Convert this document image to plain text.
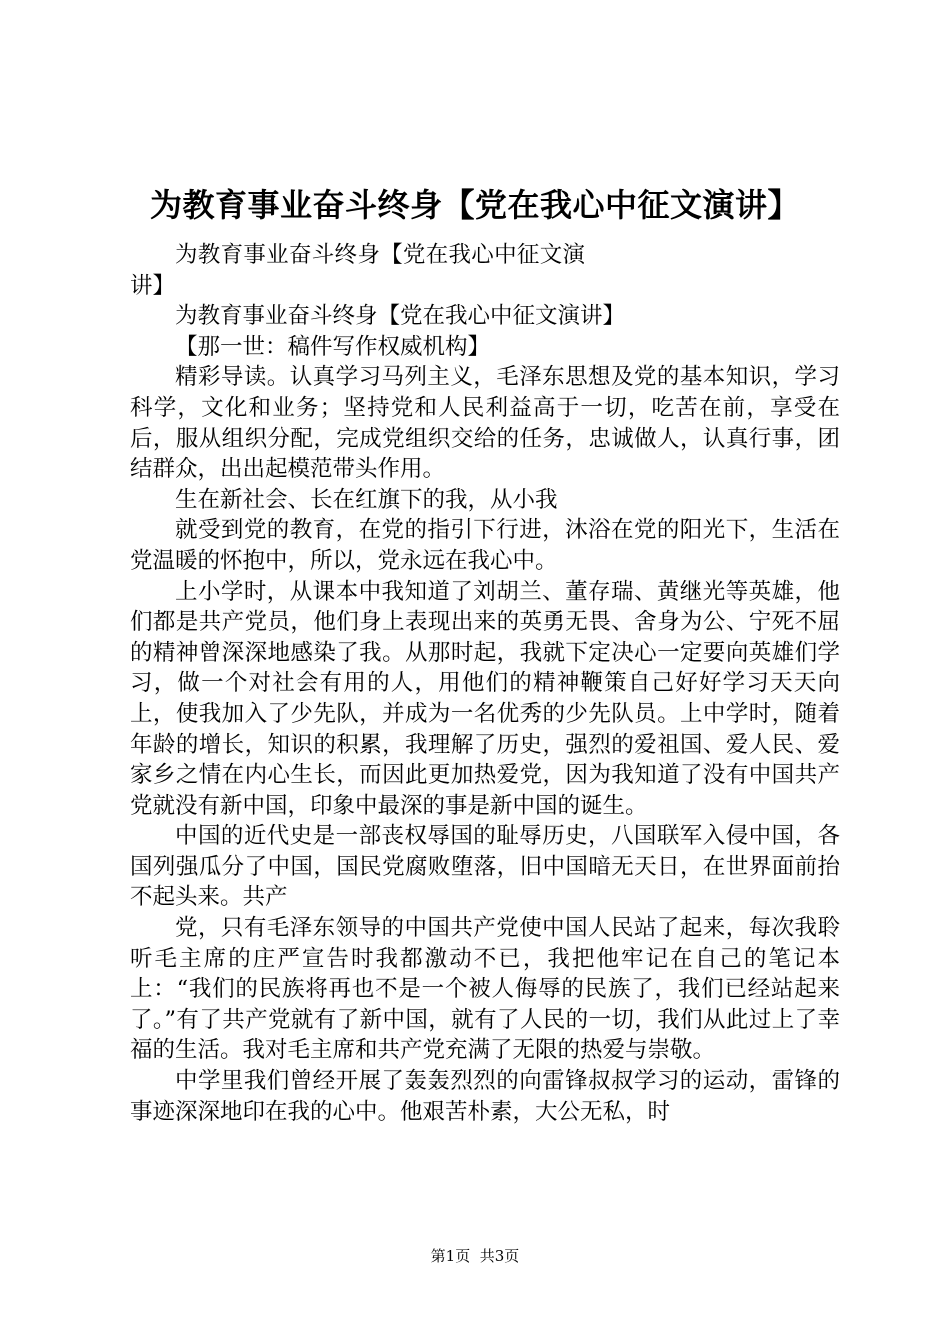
为教育事业奋斗终身【党在我心中征文演讲】

为教育事业奋斗终身【党在我心中征文演讲】

为教育事业奋斗终身【党在我心中征文演讲】

【那一世：稿件写作权威机构】

精彩导读。认真学习马列主义，毛泽东思想及党的基本知识，学习科学，文化和业务；坚持党和人民利益高于一切，吃苦在前，享受在后，服从组织分配，完成党组织交给的任务，忠诚做人，认真行事，团结群众，出出起模范带头作用。

生在新社会、长在红旗下的我，从小我

就受到党的教育，在党的指引下行进，沐浴在党的阳光下，生活在党温暖的怀抱中，所以，党永远在我心中。

上小学时，从课本中我知道了刘胡兰、董存瑞、黄继光等英雄，他们都是共产党员，他们身上表现出来的英勇无畏、舍身为公、宁死不屈的精神曾深深地感染了我。从那时起，我就下定决心一定要向英雄们学习，做一个对社会有用的人，用他们的精神鞭策自己好好学习天天向上，使我加入了少先队，并成为一名优秀的少先队员。上中学时，随着年龄的增长，知识的积累，我理解了历史，强烈的爱祖国、爱人民、爱家乡之情在内心生长，而因此更加热爱党，因为我知道了没有中国共产党就没有新中国，印象中最深的事是新中国的诞生。

中国的近代史是一部丧权辱国的耻辱历史，八国联军入侵中国，各国列强瓜分了中国，国民党腐败堕落，旧中国暗无天日，在世界面前抬不起头来。共产

党，只有毛泽东领导的中国共产党使中国人民站了起来，每次我聆听毛主席的庄严宣告时我都激动不已，我把他牢记在自己的笔记本上：“我们的民族将再也不是一个被人侮辱的民族了，我们已经站起来了。”有了共产党就有了新中国，就有了人民的一切，我们从此过上了幸福的生活。我对毛主席和共产党充满了无限的热爱与崇敬。

中学里我们曾经开展了轰轰烈烈的向雷锋叔叔学习的运动，雷锋的事迹深深地印在我的心中。他艰苦朴素，大公无私，时

第1页 共3页
